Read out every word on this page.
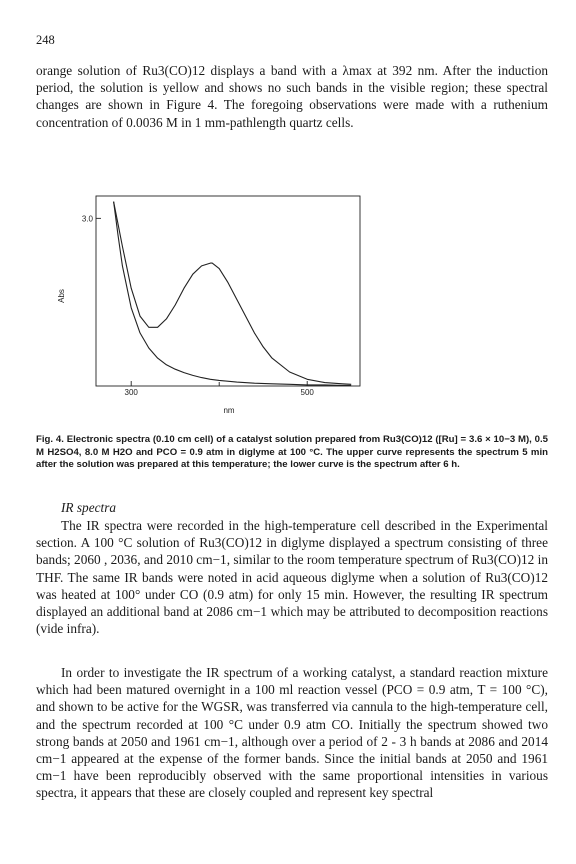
248

orange solution of Ru3(CO)12 displays a band with a λmax at 392 nm. After the induction period, the solution is yellow and shows no such bands in the visible region; these spectral changes are shown in Figure 4. The foregoing observations were made with a ruthenium concentration of 0.0036 M in 1 mm-pathlength quartz cells.

300	500
3.0
Abs
nm

Fig. 4. Electronic spectra (0.10 cm cell) of a catalyst solution prepared from Ru3(CO)12 ([Ru] = 3.6 × 10−3 M), 0.5 M H2SO4, 8.0 M H2O and PCO = 0.9 atm in diglyme at 100 °C. The upper curve represents the spectrum 5 min after the solution was prepared at this temperature; the lower curve is the spectrum after 6 h.

IR spectra

The IR spectra were recorded in the high-temperature cell described in the Experimental section. A 100 °C solution of Ru3(CO)12 in diglyme displayed a spectrum consisting of three bands; 2060 , 2036, and 2010 cm−1, similar to the room temperature spectrum of Ru3(CO)12 in THF. The same IR bands were noted in acid aqueous diglyme when a solution of Ru3(CO)12 was heated at 100° under CO (0.9 atm) for only 15 min. However, the resulting IR spectrum displayed an additional band at 2086 cm−1 which may be attributed to decomposition reactions (vide infra).

In order to investigate the IR spectrum of a working catalyst, a standard reaction mixture which had been matured overnight in a 100 ml reaction vessel (PCO = 0.9 atm, T = 100 °C), and shown to be active for the WGSR, was transferred via cannula to the high-temperature cell, and the spectrum recorded at 100 °C under 0.9 atm CO. Initially the spectrum showed two strong bands at 2050 and 1961 cm−1, although over a period of 2 - 3 h bands at 2086 and 2014 cm−1 appeared at the expense of the former bands. Since the initial bands at 2050 and 1961 cm−1 have been reproducibly observed with the same proportional intensities in various spectra, it appears that these are closely coupled and represent key spectral
